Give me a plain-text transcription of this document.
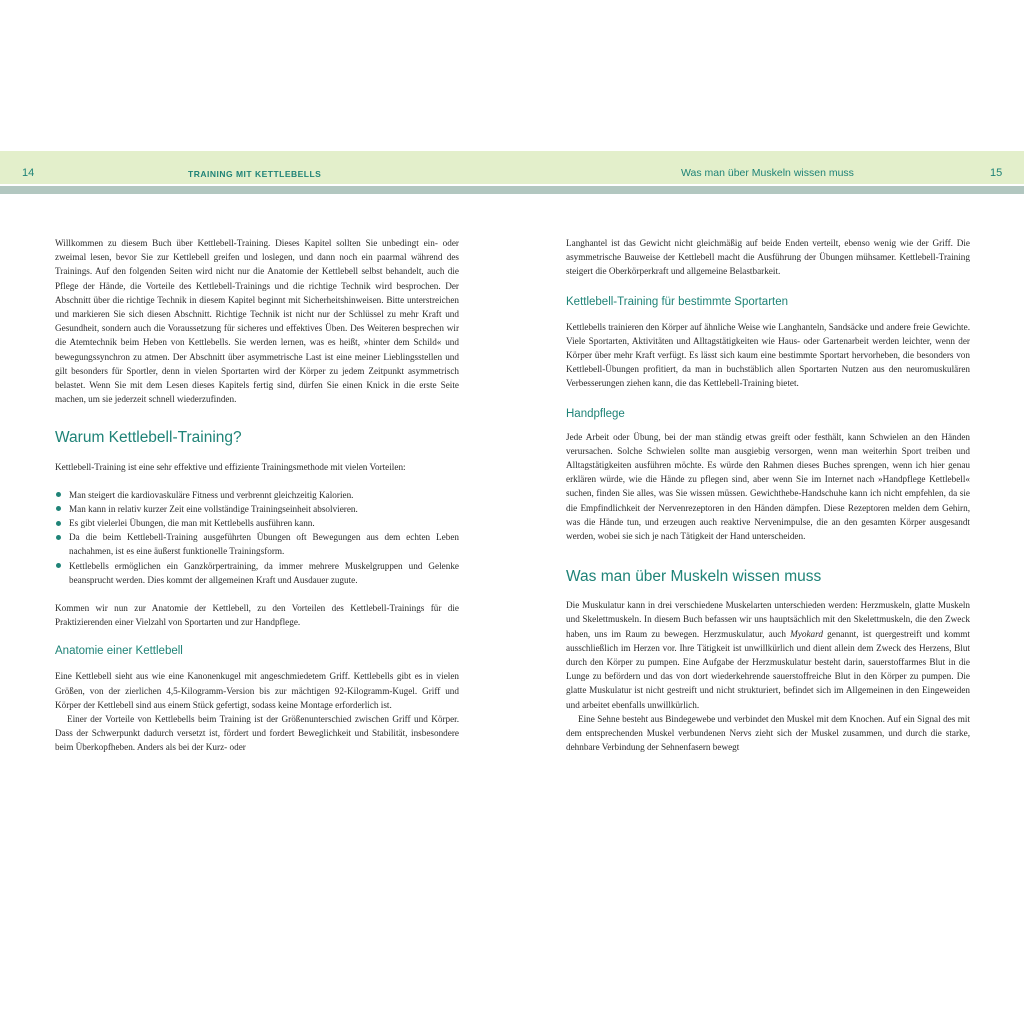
14	TRAINING MIT KETTLEBELLS	Was man über Muskeln wissen muss	15

Willkommen zu diesem Buch über Kettlebell-Training. Dieses Kapitel sollten Sie unbedingt ein- oder zweimal lesen, bevor Sie zur Kettlebell greifen und loslegen, und dann noch ein paarmal während des Trainings. Auf den folgenden Seiten wird nicht nur die Anatomie der Kettlebell selbst behandelt, auch die Pflege der Hände, die Vorteile des Kettlebell-Trainings und die richtige Technik wird besprochen. Der Abschnitt über die richtige Technik in diesem Kapitel beginnt mit Sicherheitshinweisen. Bitte unterstreichen und markieren Sie sich diesen Abschnitt. Richtige Technik ist nicht nur der Schlüssel zu mehr Kraft und Gesundheit, sondern auch die Voraussetzung für sicheres und effektives Üben. Des Weiteren besprechen wir die Atemtechnik beim Heben von Kettlebells. Sie werden lernen, was es heißt, »hinter dem Schild« und bewegungssynchron zu atmen. Der Abschnitt über asymmetrische Last ist eine meiner Lieblingsstellen und gilt besonders für Sportler, denn in vielen Sportarten wird der Körper zu jedem Zeitpunkt asymmetrisch belastet. Wenn Sie mit dem Lesen dieses Kapitels fertig sind, dürfen Sie einen Knick in die erste Seite machen, um sie jederzeit schnell wiederzufinden.

Warum Kettlebell-Training?

Kettlebell-Training ist eine sehr effektive und effiziente Trainingsmethode mit vielen Vorteilen:

Man steigert die kardiovaskuläre Fitness und verbrennt gleichzeitig Kalorien.
Man kann in relativ kurzer Zeit eine vollständige Trainingseinheit absolvieren.
Es gibt vielerlei Übungen, die man mit Kettlebells ausführen kann.
Da die beim Kettlebell-Training ausgeführten Übungen oft Bewegungen aus dem echten Leben nachahmen, ist es eine äußerst funktionelle Trainingsform.
Kettlebells ermöglichen ein Ganzkörpertraining, da immer mehrere Muskelgruppen und Gelenke beansprucht werden. Dies kommt der allgemeinen Kraft und Ausdauer zugute.

Kommen wir nun zur Anatomie der Kettlebell, zu den Vorteilen des Kettlebell-Trainings für die Praktizierenden einer Vielzahl von Sportarten und zur Handpflege.

Anatomie einer Kettlebell

Eine Kettlebell sieht aus wie eine Kanonenkugel mit angeschmiedetem Griff. Kettlebells gibt es in vielen Größen, von der zierlichen 4,5-Kilogramm-Version bis zur mächtigen 92-Kilogramm-Kugel. Griff und Körper der Kettlebell sind aus einem Stück gefertigt, sodass keine Montage erforderlich ist.

Einer der Vorteile von Kettlebells beim Training ist der Größenunterschied zwischen Griff und Körper. Dass der Schwerpunkt dadurch versetzt ist, fördert und fordert Beweglichkeit und Stabilität, insbesondere beim Überkopfheben. Anders als bei der Kurz- oder

Langhantel ist das Gewicht nicht gleichmäßig auf beide Enden verteilt, ebenso wenig wie der Griff. Die asymmetrische Bauweise der Kettlebell macht die Ausführung der Übungen mühsamer. Kettlebell-Training steigert die Oberkörperkraft und allgemeine Belastbarkeit.

Kettlebell-Training für bestimmte Sportarten

Kettlebells trainieren den Körper auf ähnliche Weise wie Langhanteln, Sandsäcke und andere freie Gewichte. Viele Sportarten, Aktivitäten und Alltagstätigkeiten wie Haus- oder Gartenarbeit werden leichter, wenn der Körper über mehr Kraft verfügt. Es lässt sich kaum eine bestimmte Sportart hervorheben, die besonders von Kettlebell-Übungen profitiert, da man in buchstäblich allen Sportarten Nutzen aus den neuromuskulären Verbesserungen ziehen kann, die das Kettlebell-Training bietet.

Handpflege

Jede Arbeit oder Übung, bei der man ständig etwas greift oder festhält, kann Schwielen an den Händen verursachen. Solche Schwielen sollte man ausgiebig versorgen, wenn man weiterhin Sport treiben und Alltagstätigkeiten ausführen möchte. Es würde den Rahmen dieses Buches sprengen, wenn ich hier genau erklären würde, wie die Hände zu pflegen sind, aber wenn Sie im Internet nach »Handpflege Kettlebell« suchen, finden Sie alles, was Sie wissen müssen. Gewichthebe-Handschuhe kann ich nicht empfehlen, da sie die Empfindlichkeit der Nervenrezeptoren in den Händen dämpfen. Diese Rezeptoren melden dem Gehirn, was die Hände tun, und erzeugen auch reaktive Nervenimpulse, die an den gesamten Körper ausgesandt werden, wobei sie sich je nach Tätigkeit der Hand unterscheiden.

Was man über Muskeln wissen muss

Die Muskulatur kann in drei verschiedene Muskelarten unterschieden werden: Herzmuskeln, glatte Muskeln und Skelettmuskeln. In diesem Buch befassen wir uns hauptsächlich mit den Skelettmuskeln, die den Zweck haben, uns im Raum zu bewegen. Herzmuskulatur, auch Myokard genannt, ist quergestreift und kommt ausschließlich im Herzen vor. Ihre Tätigkeit ist unwillkürlich und dient allein dem Zweck des Herzens, Blut durch den Körper zu pumpen. Eine Aufgabe der Herzmuskulatur besteht darin, sauerstoffarmes Blut in die Lunge zu befördern und das von dort wiederkehrende sauerstoffreiche Blut in den Körper zu pumpen. Die glatte Muskulatur ist nicht gestreift und nicht strukturiert, befindet sich im Allgemeinen in den Eingeweiden und arbeitet ebenfalls unwillkürlich.

Eine Sehne besteht aus Bindegewebe und verbindet den Muskel mit dem Knochen. Auf ein Signal des mit dem entsprechenden Muskel verbundenen Nervs zieht sich der Muskel zusammen, und durch die starke, dehnbare Verbindung der Sehnenfasern bewegt
